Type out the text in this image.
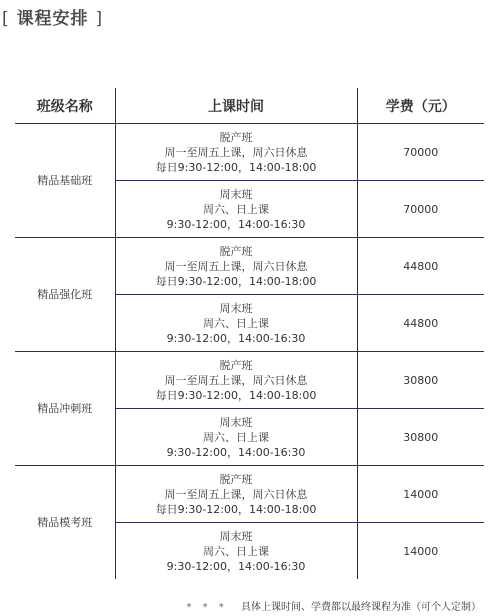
[ 课程安排 ]
班级名称	上课时间	学费（元）
精品基础班	脱产班
周一至周五上课，周六日休息
每日9:30-12:00，14:00-18:00	70000

	周末班
周六、日上课
9:30-12:00，14:00-16:30	70000
精品强化班	脱产班
周一至周五上课，周六日休息
每日9:30-12:00，14:00-18:00	44800

	周末班
周六、日上课
9:30-12:00，14:00-16:30	44800
精品冲刺班	脱产班
周一至周五上课，周六日休息
每日9:30-12:00，14:00-18:00	30800

	周末班
周六、日上课
9:30-12:00，14:00-16:30	30800
精品模考班	脱产班
周一至周五上课，周六日休息
每日9:30-12:00，14:00-18:00	14000

	周末班
周六、日上课
9:30-12:00，14:00-16:30	14000
* * * 具体上课时间、学费都以最终课程为准（可个人定制）
